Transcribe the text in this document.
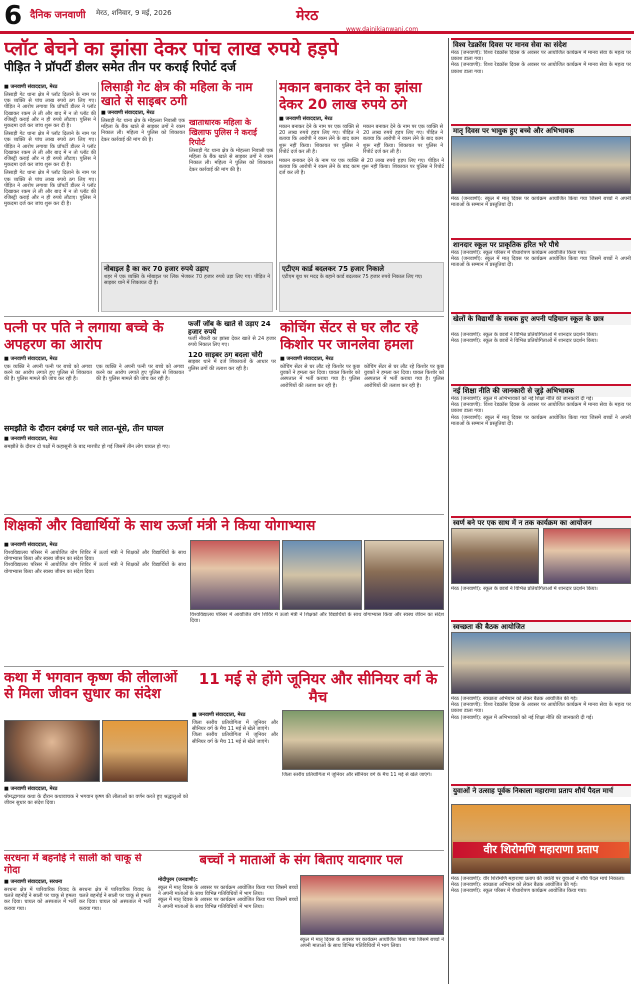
6 दैनिक जनवाणी मेरठ, शनिवार, 9 मई, 2026	मेरठ
www.dainikjanwani.com
प्लॉट बेचने का झांसा देकर पांच लाख रुपये हड़पे
पीड़ित ने प्रॉपर्टी डीलर समेत तीन पर कराई रिपोर्ट दर्ज
■ जनवाणी संवाददाता, मेरठ
लिसाड़ी गेट थाना क्षेत्र में प्लॉट दिलाने के नाम पर एक व्यक्ति से पांच लाख रुपये ठग लिए गए। पीड़ित ने आरोप लगाया कि प्रॉपर्टी डीलर ने प्लॉट दिखाकर रकम ले ली और बाद में न तो प्लॉट की रजिस्ट्री कराई और न ही रुपये लौटाए। पुलिस ने मुकदमा दर्ज कर जांच शुरू कर दी है।
लिसाड़ी गेट थाना क्षेत्र में प्लॉट दिलाने के नाम पर एक व्यक्ति से पांच लाख रुपये ठग लिए गए। पीड़ित ने आरोप लगाया कि प्रॉपर्टी डीलर ने प्लॉट दिखाकर रकम ले ली और बाद में न तो प्लॉट की रजिस्ट्री कराई और न ही रुपये लौटाए। पुलिस ने मुकदमा दर्ज कर जांच शुरू कर दी है।
लिसाड़ी गेट थाना क्षेत्र में प्लॉट दिलाने के नाम पर एक व्यक्ति से पांच लाख रुपये ठग लिए गए। पीड़ित ने आरोप लगाया कि प्रॉपर्टी डीलर ने प्लॉट दिखाकर रकम ले ली और बाद में न तो प्लॉट की रजिस्ट्री कराई और न ही रुपये लौटाए। पुलिस ने मुकदमा दर्ज कर जांच शुरू कर दी है।
लिसाड़ी गेट क्षेत्र की महिला के नाम खाते से साइबर ठगी
■ जनवाणी संवाददाता, मेरठ
लिसाड़ी गेट थाना क्षेत्र के मोहल्ला निवासी एक महिला के बैंक खाते से साइबर ठगों ने रकम निकाल ली। महिला ने पुलिस को शिकायत देकर कार्रवाई की मांग की है।
खाताधारक महिला के खिलाफ पुलिस ने कराई रिपोर्ट
लिसाड़ी गेट थाना क्षेत्र के मोहल्ला निवासी एक महिला के बैंक खाते से साइबर ठगों ने रकम निकाल ली। महिला ने पुलिस को शिकायत देकर कार्रवाई की मांग की है।
मकान बनाकर देने का झांसा देकर 20 लाख रुपये ठगे
■ जनवाणी संवाददाता, मेरठ
मकान बनाकर देने के नाम पर एक व्यक्ति से 20 लाख रुपये हड़प लिए गए। पीड़ित ने बताया कि आरोपी ने रकम लेने के बाद काम शुरू नहीं किया। शिकायत पर पुलिस ने रिपोर्ट दर्ज कर ली है।
मकान बनाकर देने के नाम पर एक व्यक्ति से 20 लाख रुपये हड़प लिए गए। पीड़ित ने बताया कि आरोपी ने रकम लेने के बाद काम शुरू नहीं किया। शिकायत पर पुलिस ने रिपोर्ट दर्ज कर ली है।
मकान बनाकर देने के नाम पर एक व्यक्ति से 20 लाख रुपये हड़प लिए गए। पीड़ित ने बताया कि आरोपी ने रकम लेने के बाद काम शुरू नहीं किया। शिकायत पर पुलिस ने रिपोर्ट दर्ज कर ली है।
नोबाइल है का कर 70 हजार रुपये उड़ाए
शहर में एक व्यक्ति के मोबाइल पर लिंक भेजकर 70 हजार रुपये उड़ा लिए गए। पीड़ित ने साइबर थाने में शिकायत दी है।
एटीएम कार्ड बदलकर 75 हजार निकाले
एटीएम बूथ पर मदद के बहाने कार्ड बदलकर 75 हजार रुपये निकाल लिए गए।
पत्नी पर पति ने लगाया बच्चे के अपहरण का आरोप
■ जनवाणी संवाददाता, मेरठ
एक व्यक्ति ने अपनी पत्नी पर बच्चे को अगवा करने का आरोप लगाते हुए पुलिस से शिकायत की है। पुलिस मामले की जांच कर रही है।
एक व्यक्ति ने अपनी पत्नी पर बच्चे को अगवा करने का आरोप लगाते हुए पुलिस से शिकायत की है। पुलिस मामले की जांच कर रही है।
फर्जी जॉब के खाते से उड़ाए 24 हजार रुपये
फर्जी नौकरी का झांसा देकर खाते से 24 हजार रुपये निकाल लिए गए।
120 साइबर ठग बदला चोरी
साइबर थाने में दर्ज शिकायतों के आधार पर पुलिस ठगों की तलाश कर रही है।
कोचिंग सेंटर से घर लौट रहे किशोर पर जानलेवा हमला
■ जनवाणी संवाददाता, मेरठ
कोचिंग सेंटर से घर लौट रहे किशोर पर कुछ युवकों ने हमला कर दिया। घायल किशोर को अस्पताल में भर्ती कराया गया है। पुलिस आरोपियों की तलाश कर रही है।
कोचिंग सेंटर से घर लौट रहे किशोर पर कुछ युवकों ने हमला कर दिया। घायल किशोर को अस्पताल में भर्ती कराया गया है। पुलिस आरोपियों की तलाश कर रही है।
समझौते के दौरान दबंगई पर चले लात-घूंसे, तीन घायल
■ जनवाणी संवाददाता, मेरठ
समझौते के दौरान दो पक्षों में कहासुनी के बाद मारपीट हो गई जिसमें तीन लोग घायल हो गए।
शिक्षकों और विद्यार्थियों के साथ ऊर्जा मंत्री ने किया योगाभ्यास
■ जनवाणी संवाददाता, मेरठ
विश्वविद्यालय परिसर में आयोजित योग शिविर में ऊर्जा मंत्री ने शिक्षकों और विद्यार्थियों के साथ योगाभ्यास किया और स्वस्थ जीवन का संदेश दिया।
विश्वविद्यालय परिसर में आयोजित योग शिविर में ऊर्जा मंत्री ने शिक्षकों और विद्यार्थियों के साथ योगाभ्यास किया और स्वस्थ जीवन का संदेश दिया।
विश्वविद्यालय परिसर में आयोजित योग शिविर में ऊर्जा मंत्री ने शिक्षकों और विद्यार्थियों के साथ योगाभ्यास किया और स्वस्थ जीवन का संदेश दिया।
कथा में भगवान कृष्ण की लीलाओं से मिला जीवन सुधार का संदेश
■ जनवाणी संवाददाता, मेरठ
श्रीमद्भागवत कथा के दौरान कथावाचक ने भगवान कृष्ण की लीलाओं का वर्णन करते हुए श्रद्धालुओं को जीवन सुधार का संदेश दिया।
11 मई से होंगे जूनियर और सीनियर वर्ग के मैच
■ जनवाणी संवाददाता, मेरठ
जिला स्तरीय प्रतियोगिता में जूनियर और सीनियर वर्ग के मैच 11 मई से खेले जाएंगे।
जिला स्तरीय प्रतियोगिता में जूनियर और सीनियर वर्ग के मैच 11 मई से खेले जाएंगे।
जिला स्तरीय प्रतियोगिता में जूनियर और सीनियर वर्ग के मैच 11 मई से खेले जाएंगे।
सरधना में बहनोई ने साली को चाकू से गोदा
■ जनवाणी संवाददाता, सरधना
सरधना क्षेत्र में पारिवारिक विवाद के चलते बहनोई ने साली पर चाकू से हमला कर दिया। घायल को अस्पताल में भर्ती कराया गया।
सरधना क्षेत्र में पारिवारिक विवाद के चलते बहनोई ने साली पर चाकू से हमला कर दिया। घायल को अस्पताल में भर्ती कराया गया।
बच्चों ने माताओं के संग बिताए यादगार पल
मोदीपुरम (जनवाणी):
स्कूल में मातृ दिवस के अवसर पर कार्यक्रम आयोजित किया गया जिसमें बच्चों ने अपनी माताओं के साथ विभिन्न गतिविधियों में भाग लिया।
स्कूल में मातृ दिवस के अवसर पर कार्यक्रम आयोजित किया गया जिसमें बच्चों ने अपनी माताओं के साथ विभिन्न गतिविधियों में भाग लिया।
स्कूल में मातृ दिवस के अवसर पर कार्यक्रम आयोजित किया गया जिसमें बच्चों ने अपनी माताओं के साथ विभिन्न गतिविधियों में भाग लिया।
विश्व रेडक्रॉस दिवस पर मानव सेवा का संदेश
मेरठ (जनवाणी): विश्व रेडक्रॉस दिवस के अवसर पर आयोजित कार्यक्रम में मानव सेवा के महत्व पर प्रकाश डाला गया।
मेरठ (जनवाणी): विश्व रेडक्रॉस दिवस के अवसर पर आयोजित कार्यक्रम में मानव सेवा के महत्व पर प्रकाश डाला गया।
मातृ दिवस पर भावुक हुए बच्चे और अभिभावक
मेरठ (जनवाणी): स्कूल में मातृ दिवस पर कार्यक्रम आयोजित किया गया जिसमें बच्चों ने अपनी माताओं के सम्मान में प्रस्तुतियां दीं।
शानदार स्कूल पर प्राकृतिक हरित भरे पौधे
मेरठ (जनवाणी): स्कूल परिसर में पौधारोपण कार्यक्रम आयोजित किया गया।
मेरठ (जनवाणी): स्कूल में मातृ दिवस पर कार्यक्रम आयोजित किया गया जिसमें बच्चों ने अपनी माताओं के सम्मान में प्रस्तुतियां दीं।
खेलों के विद्यार्थी के सबक हुए अपनी पहिचान स्कूल के छात्र
मेरठ (जनवाणी): स्कूल के छात्रों ने विभिन्न प्रतियोगिताओं में शानदार प्रदर्शन किया।
मेरठ (जनवाणी): स्कूल के छात्रों ने विभिन्न प्रतियोगिताओं में शानदार प्रदर्शन किया।
नई शिक्षा नीति की जानकारी से जुड़े अभिभावक
मेरठ (जनवाणी): स्कूल में अभिभावकों को नई शिक्षा नीति की जानकारी दी गई।
मेरठ (जनवाणी): विश्व रेडक्रॉस दिवस के अवसर पर आयोजित कार्यक्रम में मानव सेवा के महत्व पर प्रकाश डाला गया।
मेरठ (जनवाणी): स्कूल में मातृ दिवस पर कार्यक्रम आयोजित किया गया जिसमें बच्चों ने अपनी माताओं के सम्मान में प्रस्तुतियां दीं।
स्वर्ण बने पर एक साथ में न तक कार्यक्रम का आयोजन
मेरठ (जनवाणी): स्कूल के छात्रों ने विभिन्न प्रतियोगिताओं में शानदार प्रदर्शन किया।
स्वच्छता की बैठक आयोजित
मेरठ (जनवाणी): स्वच्छता अभियान को लेकर बैठक आयोजित की गई।
मेरठ (जनवाणी): विश्व रेडक्रॉस दिवस के अवसर पर आयोजित कार्यक्रम में मानव सेवा के महत्व पर प्रकाश डाला गया।
मेरठ (जनवाणी): स्कूल में अभिभावकों को नई शिक्षा नीति की जानकारी दी गई।
युवाओं ने उत्साह पूर्वक निकाला महाराणा प्रताप शौर्य पैदल मार्च
वीर शिरोमणि महाराणा प्रताप
मेरठ (जनवाणी): वीर शिरोमणि महाराणा प्रताप की जयंती पर युवाओं ने शौर्य पैदल मार्च निकाला।
मेरठ (जनवाणी): स्वच्छता अभियान को लेकर बैठक आयोजित की गई।
मेरठ (जनवाणी): स्कूल परिसर में पौधारोपण कार्यक्रम आयोजित किया गया।
